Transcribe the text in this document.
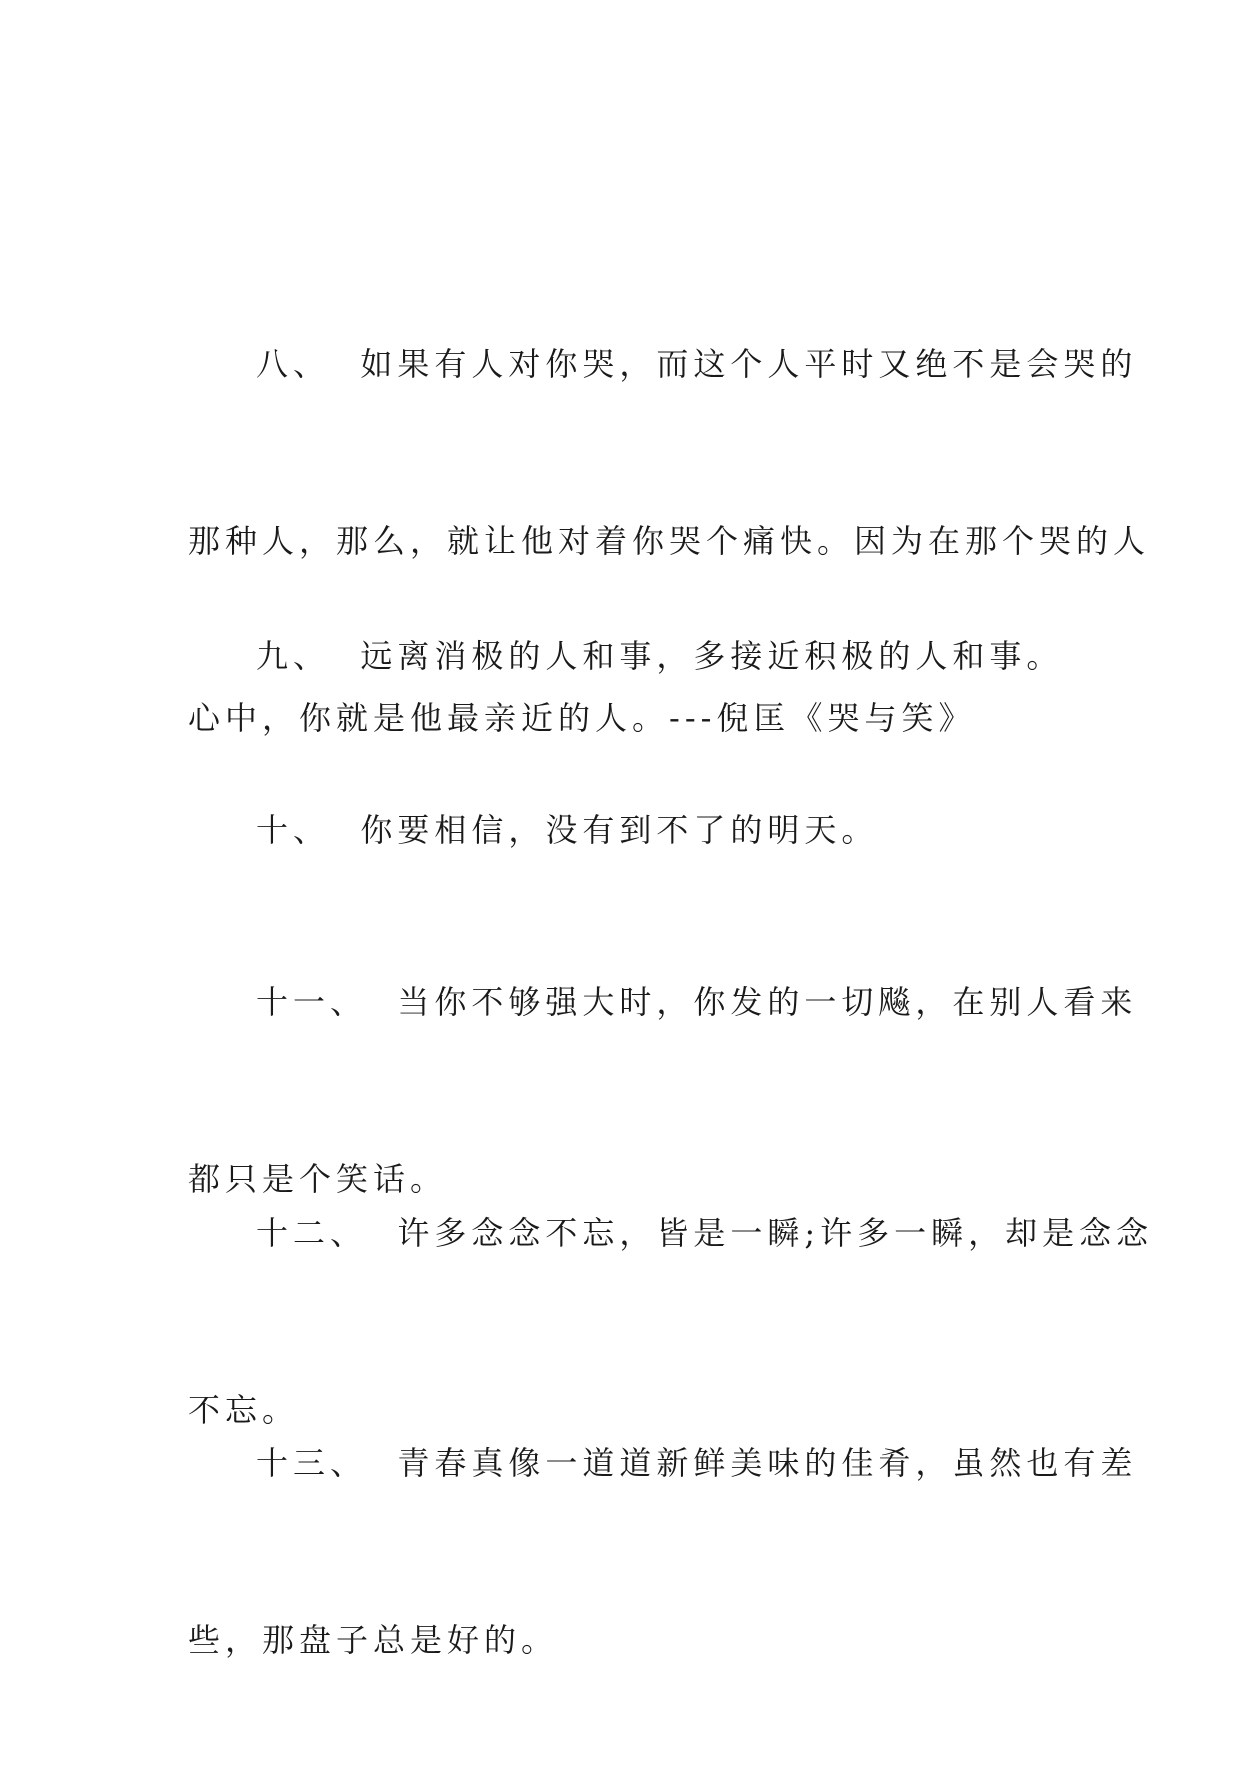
八、  如果有人对你哭，而这个人平时又绝不是会哭的

那种人，那么，就让他对着你哭个痛快。因为在那个哭的人

心中，你就是他最亲近的人。---倪匡《哭与笑》

九、  远离消极的人和事，多接近积极的人和事。

十、  你要相信，没有到不了的明天。

十一、  当你不够强大时，你发的一切飚，在别人看来

都只是个笑话。

十二、  许多念念不忘，皆是一瞬;许多一瞬，却是念念

不忘。

十三、  青春真像一道道新鲜美味的佳肴，虽然也有差

些，那盘子总是好的。
